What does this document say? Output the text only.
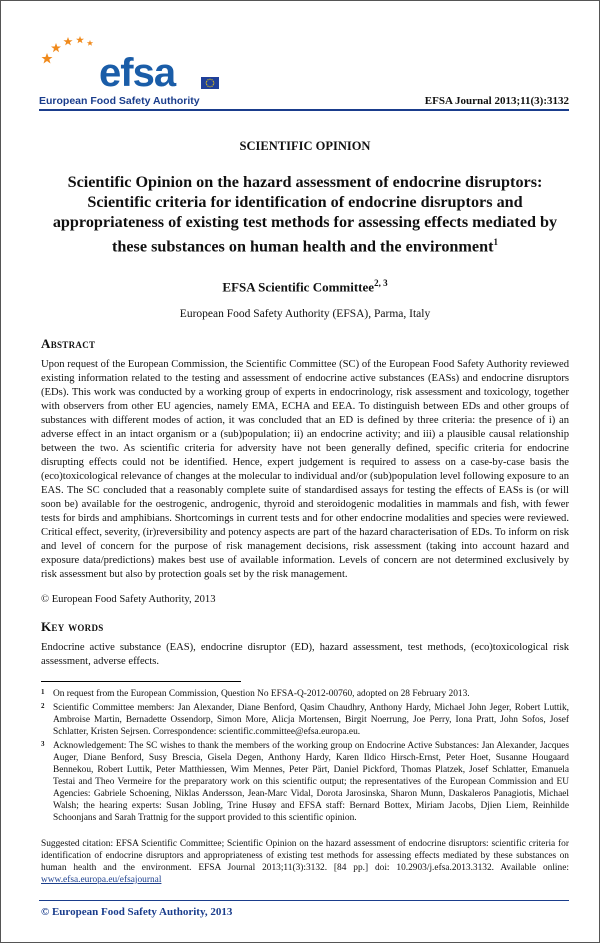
efsa
European Food Safety Authority	EFSA Journal 2013;11(3):3132
SCIENTIFIC OPINION
Scientific Opinion on the hazard assessment of endocrine disruptors: Scientific criteria for identification of endocrine disruptors and appropriateness of existing test methods for assessing effects mediated by these substances on human health and the environment$^1$
EFSA Scientific Committee$^{2, 3}$
European Food Safety Authority (EFSA), Parma, Italy
Abstract
Upon request of the European Commission, the Scientific Committee (SC) of the European Food Safety Authority reviewed existing information related to the testing and assessment of endocrine active substances (EASs) and endocrine disruptors (EDs). This work was conducted by a working group of experts in endocrinology, risk assessment and toxicology, together with observers from other EU agencies, namely EMA, ECHA and EEA. To distinguish between EDs and other groups of substances with different modes of action, it was concluded that an ED is defined by three criteria: the presence of i) an adverse effect in an intact organism or a (sub)population; ii) an endocrine activity; and iii) a plausible causal relationship between the two. As scientific criteria for adversity have not been generally defined, specific criteria for endocrine disrupting effects could not be identified. Hence, expert judgement is required to assess on a case-by-case basis the (eco)toxicological relevance of changes at the molecular to individual and/or (sub)population level following exposure to an EAS. The SC concluded that a reasonably complete suite of standardised assays for testing the effects of EASs is (or will soon be) available for the oestrogenic, androgenic, thyroid and steroidogenic modalities in mammals and fish, with fewer tests for birds and amphibians. Shortcomings in current tests and for other endocrine modalities and species were reviewed. Critical effect, severity, (ir)reversibility and potency aspects are part of the hazard characterisation of EDs. To inform on risk and level of concern for the purpose of risk management decisions, risk assessment (taking into account hazard and exposure data/predictions) makes best use of available information. Levels of concern are not determined exclusively by risk assessment but also by protection goals set by the risk management.
© European Food Safety Authority, 2013
Key words
Endocrine active substance (EAS), endocrine disruptor (ED), hazard assessment, test methods, (eco)toxicological risk assessment, adverse effects.
1 On request from the European Commission, Question No EFSA-Q-2012-00760, adopted on 28 February 2013.
2 Scientific Committee members: Jan Alexander, Diane Benford, Qasim Chaudhry, Anthony Hardy, Michael John Jeger, Robert Luttik, Ambroise Martin, Bernadette Ossendorp, Simon More, Alicja Mortensen, Birgit Noerrung, Joe Perry, Iona Pratt, John Sofos, Josef Schlatter, Kristen Sejrsen. Correspondence: scientific.committee@efsa.europa.eu.
3 Acknowledgement: The SC wishes to thank the members of the working group on Endocrine Active Substances: Jan Alexander, Jacques Auger, Diane Benford, Susy Brescia, Gisela Degen, Anthony Hardy, Karen Ildico Hirsch-Ernst, Peter Hoet, Susanne Hougaard Bennekou, Robert Luttik, Peter Matthiessen, Wim Mennes, Peter Pärt, Daniel Pickford, Thomas Platzek, Josef Schlatter, Emanuela Testai and Theo Vermeire for the preparatory work on this scientific output; the representatives of the European Commission and EU Agencies: Gabriele Schoening, Niklas Andersson, Jean-Marc Vidal, Dorota Jarosinska, Sharon Munn, Daskaleros Panagiotis, Michael Walsh; the hearing experts: Susan Jobling, Trine Husøy and EFSA staff: Bernard Bottex, Miriam Jacobs, Djien Liem, Reinhilde Schoonjans and Sarah Trattnig for the support provided to this scientific opinion.
Suggested citation: EFSA Scientific Committee; Scientific Opinion on the hazard assessment of endocrine disruptors: scientific criteria for identification of endocrine disruptors and appropriateness of existing test methods for assessing effects mediated by these substances on human health and the environment. EFSA Journal 2013;11(3):3132. [84 pp.] doi: 10.2903/j.efsa.2013.3132. Available online: www.efsa.europa.eu/efsajournal
© European Food Safety Authority, 2013
